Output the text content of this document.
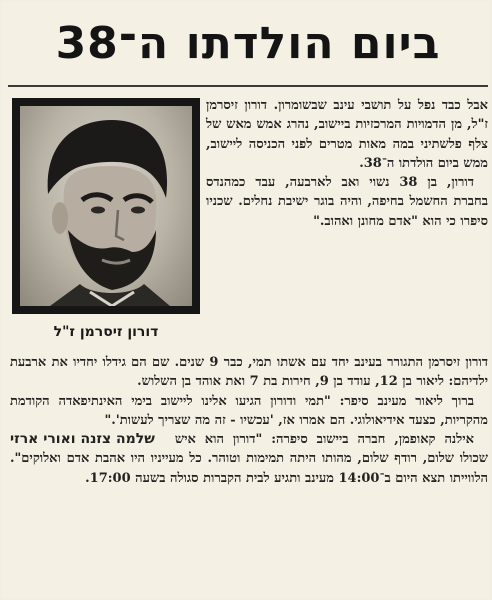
ביום הולדתו ה־38
דורון זיסרמן ז"ל

אבל כבד נפל על תושבי עינב שבשומרון. דורון זיסרמן ז"ל, מן הדמויות המרכזיות ביישוב, נהרג אמש מאש של צלף פלשתיני במה מאות מטרים לפני הכניסה ליישוב, ממש ביום הולדתו ה־38.

דורון, בן 38 נשוי ואב לארבעה, עבד כמהנדס בחברת החשמל בחיפה, והיה בוגר ישיבת נחלים. שכניו סיפרו כי הוא "אדם מחונן ואהוב."

דורון זיסרמן התגורר בעינב יחד עם אשתו תמי, כבר 9 שנים. שם הם גידלו יחדיו את ארבעת ילדיהם: ליאור בן 12, עודד בן 9, חירות בת 7 ואת אוהד בן השלוש.

ברוך ליאור מעינב סיפר: "תמי ודורון הגיעו אלינו ליישוב בימי האינתיפאדה הקודמת מהקריות, כצעד אידיאולוגי. הם אמרו אז, 'עכשיו - זה מה שצריך לעשות'."

שלמה צזנה ואורי ארזי	אילנה קאופמן, חברה ביישוב סיפרה: "דורון הוא איש שכולו שלום, רודף שלום, מהותו היתה תמימות וטוהר. כל מעייניו היו אהבת אדם ואלוקים". הלווייתו תצא היום ב־14:00 מעינב ותגיע לבית הקברות סגולה בשעה 17:00.
